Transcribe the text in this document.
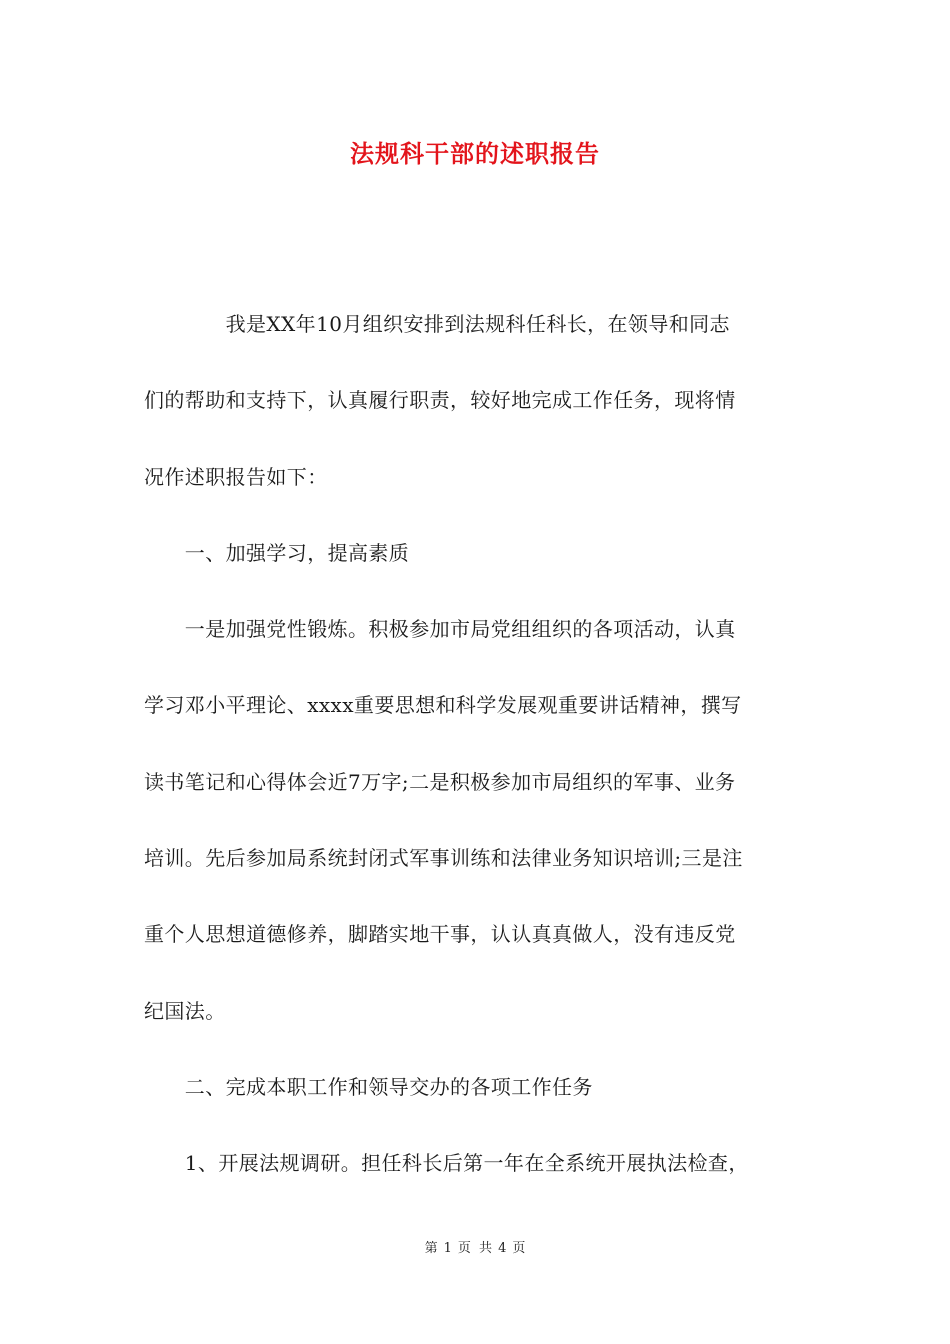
法规科干部的述职报告
　　　　我是XX年10月组织安排到法规科任科长，在领导和同志
们的帮助和支持下，认真履行职责，较好地完成工作任务，现将情
况作述职报告如下：
　　一、加强学习，提高素质
　　一是加强党性锻炼。积极参加市局党组组织的各项活动，认真
学习邓小平理论、xxxx重要思想和科学发展观重要讲话精神，撰写
读书笔记和心得体会近7万字;二是积极参加市局组织的军事、业务
培训。先后参加局系统封闭式军事训练和法律业务知识培训;三是注
重个人思想道德修养，脚踏实地干事，认认真真做人，没有违反党
纪国法。
　　二、完成本职工作和领导交办的各项工作任务
　　1、开展法规调研。担任科长后第一年在全系统开展执法检查，
第 1 页 共 4 页
